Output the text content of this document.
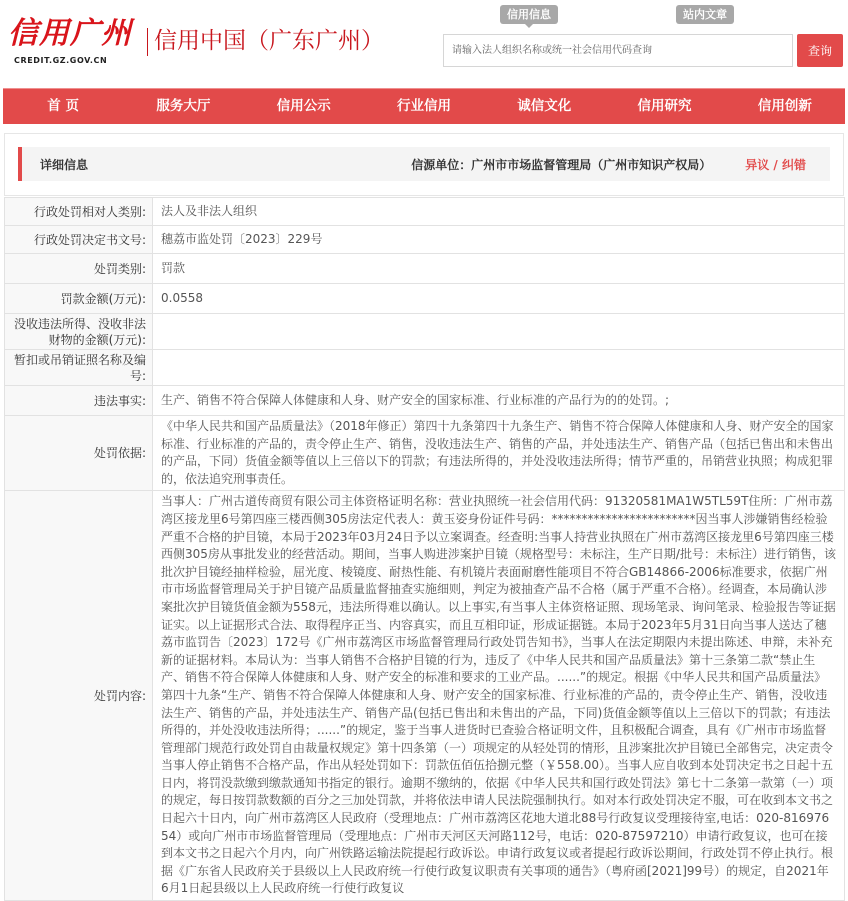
信用广州
CREDIT.GZ.GOV.CN
信用中国（广东广州）
信用信息	站内文章
请输入法人组织名称或统一社会信用代码查询
查询
首 页	服务大厅	信用公示	行业信用	诚信文化	信用研究	信用创新
详细信息	信源单位：广州市市场监督管理局（广州市知识产权局）	异议 / 纠错
行政处罚相对人类别:	法人及非法人组织
行政处罚决定书文号:	穗荔市监处罚〔2023〕229号
处罚类别:	罚款
罚款金额(万元):	0.0558
没收违法所得、没收非法财物的金额(万元):	
暂扣或吊销证照名称及编号:	
违法事实:	生产、销售不符合保障人体健康和人身、财产安全的国家标准、行业标准的产品行为的的处罚。;
处罚依据:	《中华人民共和国产品质量法》（2018年修正）第四十九条第四十九条生产、销售不符合保障人体健康和人身、财产安全的国家标准、行业标准的产品的，责令停止生产、销售，没收违法生产、销售的产品，并处违法生产、销售产品（包括已售出和未售出的产品，下同）货值金额等值以上三倍以下的罚款；有违法所得的，并处没收违法所得；情节严重的，吊销营业执照；构成犯罪的，依法追究刑事责任。
处罚内容:	当事人：广州古道传商贸有限公司主体资格证明名称：营业执照统一社会信用代码：91320581MA1W5TL59T住所：广州市荔湾区接龙里6号第四座三楼西侧305房法定代表人：黄玉姿身份证件号码：************************因当事人涉嫌销售经检验严重不合格的护目镜，本局于2023年03月24日予以立案调查。经查明:当事人持营业执照在广州市荔湾区接龙里6号第四座三楼西侧305房从事批发业的经营活动。期间，当事人购进涉案护目镜（规格型号：未标注，生产日期/批号：未标注）进行销售，该批次护目镜经抽样检验，屈光度、棱镜度、耐热性能、有机镜片表面耐磨性能项目不符合GB14866-2006标准要求，依据广州市市场监督管理局关于护目镜产品质量监督抽查实施细则，判定为被抽查产品不合格（属于严重不合格）。经调查，本局确认涉案批次护目镜货值金额为558元，违法所得难以确认。以上事实,有当事人主体资格证照、现场笔录、询问笔录、检验报告等证据证实。以上证据形式合法、取得程序正当、内容真实，而且互相印证，形成证据链。本局于2023年5月31日向当事人送达了穗荔市监罚告〔2023〕172号《广州市荔湾区市场监督管理局行政处罚告知书》，当事人在法定期限内未提出陈述、申辩，未补充新的证据材料。本局认为：当事人销售不合格护目镜的行为，违反了《中华人民共和国产品质量法》第十三条第二款“禁止生产、销售不符合保障人体健康和人身、财产安全的标准和要求的工业产品。......”的规定。根据《中华人民共和国产品质量法》第四十九条“生产、销售不符合保障人体健康和人身、财产安全的国家标准、行业标准的产品的，责令停止生产、销售，没收违法生产、销售的产品，并处违法生产、销售产品(包括已售出和未售出的产品，下同)货值金额等值以上三倍以下的罚款；有违法所得的，并处没收违法所得；......”的规定，鉴于当事人进货时已查验合格证明文件，且积极配合调查，具有《广州市市场监督管理部门规范行政处罚自由裁量权规定》第十四条第（一）项规定的从轻处罚的情形，且涉案批次护目镜已全部售完，决定责令当事人停止销售不合格产品，作出从轻处罚如下：罚款伍佰伍拾捌元整（￥558.00）。当事人应自收到本处罚决定书之日起十五日内，将罚没款缴到缴款通知书指定的银行。逾期不缴纳的，依据《中华人民共和国行政处罚法》第七十二条第一款第（一）项的规定，每日按罚款数额的百分之三加处罚款，并将依法申请人民法院强制执行。如对本行政处罚决定不服，可在收到本文书之日起六十日内，向广州市荔湾区人民政府（受理地点：广州市荔湾区花地大道北88号行政复议受理接待室,电话：020-81697654）或向广州市市场监督管理局（受理地点：广州市天河区天河路112号，电话：020-87597210）申请行政复议，也可在接到本文书之日起六个月内，向广州铁路运输法院提起行政诉讼。申请行政复议或者提起行政诉讼期间，行政处罚不停止执行。根据《广东省人民政府关于县级以上人民政府统一行使行政复议职责有关事项的通告》（粤府函[2021]99号）的规定，自2021年6月1日起县级以上人民政府统一行使行政复议
